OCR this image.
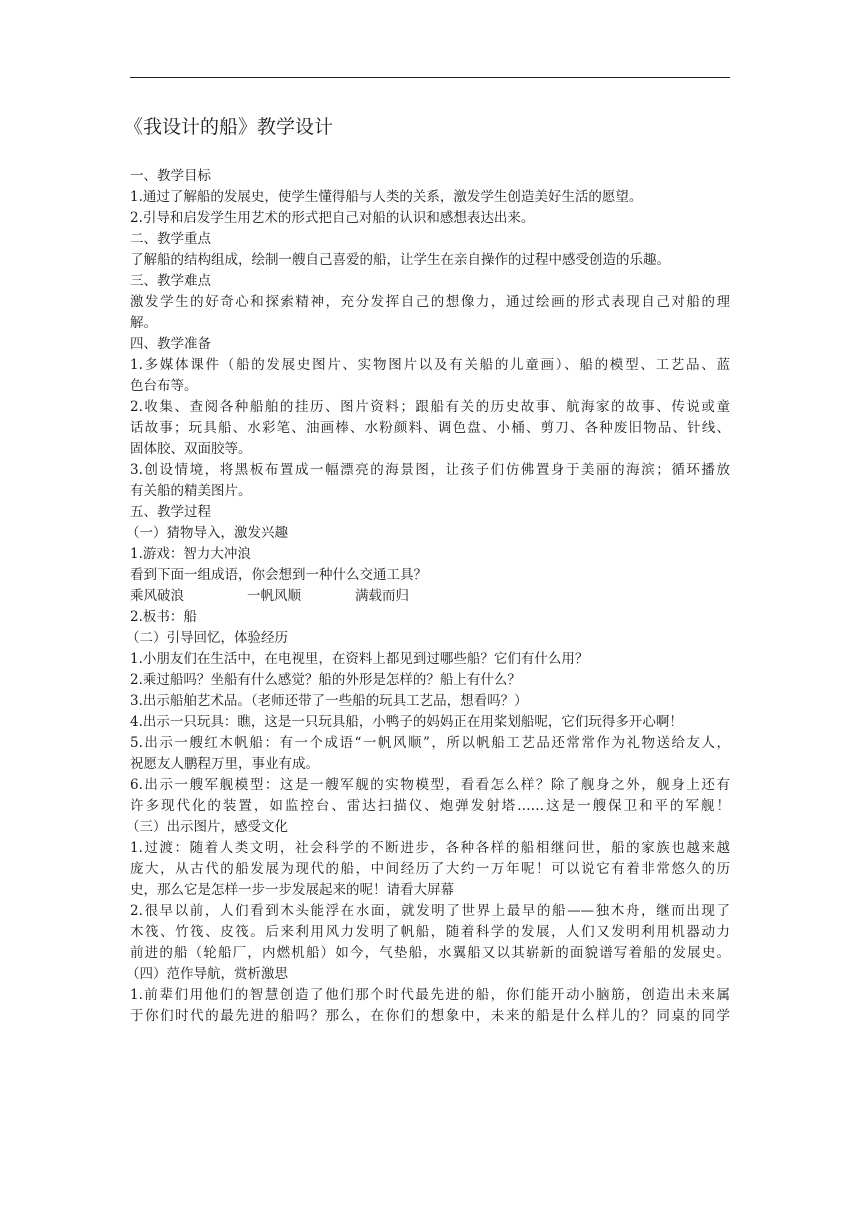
《我设计的船》教学设计
一、教学目标
1.通过了解船的发展史，使学生懂得船与人类的关系，激发学生创造美好生活的愿望。
2.引导和启发学生用艺术的形式把自己对船的认识和感想表达出来。
二、教学重点
了解船的结构组成，绘制一艘自己喜爱的船，让学生在亲自操作的过程中感受创造的乐趣。
三、教学难点
激发学生的好奇心和探索精神，充分发挥自己的想像力，通过绘画的形式表现自己对船的理
解。
四、教学准备
1.多媒体课件（船的发展史图片、实物图片以及有关船的儿童画）、船的模型、工艺品、蓝
色台布等。
2.收集、查阅各种船舶的挂历、图片资料；跟船有关的历史故事、航海家的故事、传说或童
话故事；玩具船、水彩笔、油画棒、水粉颜料、调色盘、小桶、剪刀、各种废旧物品、针线、
固体胶、双面胶等。
3.创设情境，将黑板布置成一幅漂亮的海景图，让孩子们仿佛置身于美丽的海滨；循环播放
有关船的精美图片。
五、教学过程
（一）猜物导入，激发兴趣
1.游戏：智力大冲浪
看到下面一组成语，你会想到一种什么交通工具？
乘风破浪	一帆风顺	满载而归
2.板书：船
（二）引导回忆，体验经历
1.小朋友们在生活中，在电视里，在资料上都见到过哪些船？它们有什么用？
2.乘过船吗？坐船有什么感觉？船的外形是怎样的？船上有什么？
3.出示船舶艺术品。（老师还带了一些船的玩具工艺品，想看吗？）
4.出示一只玩具：瞧，这是一只玩具船，小鸭子的妈妈正在用桨划船呢，它们玩得多开心啊！
5.出示一艘红木帆船：有一个成语“一帆风顺”，所以帆船工艺品还常常作为礼物送给友人，
祝愿友人鹏程万里，事业有成。
6.出示一艘军舰模型：这是一艘军舰的实物模型，看看怎么样？除了舰身之外，舰身上还有
许多现代化的装置，如监控台、雷达扫描仪、炮弹发射塔……这是一艘保卫和平的军舰！
（三）出示图片，感受文化
1.过渡：随着人类文明，社会科学的不断进步，各种各样的船相继问世，船的家族也越来越
庞大，从古代的船发展为现代的船，中间经历了大约一万年呢！可以说它有着非常悠久的历
史，那么它是怎样一步一步发展起来的呢！请看大屏幕
2.很早以前，人们看到木头能浮在水面，就发明了世界上最早的船——独木舟，继而出现了
木筏、竹筏、皮筏。后来利用风力发明了帆船，随着科学的发展，人们又发明利用机器动力
前进的船（轮船厂，内燃机船）如今，气垫船，水翼船又以其崭新的面貌谱写着船的发展史。
（四）范作导航，赏析激思
1.前辈们用他们的智慧创造了他们那个时代最先进的船，你们能开动小脑筋，创造出未来属
于你们时代的最先进的船吗？那么，在你们的想象中，未来的船是什么样儿的？同桌的同学
